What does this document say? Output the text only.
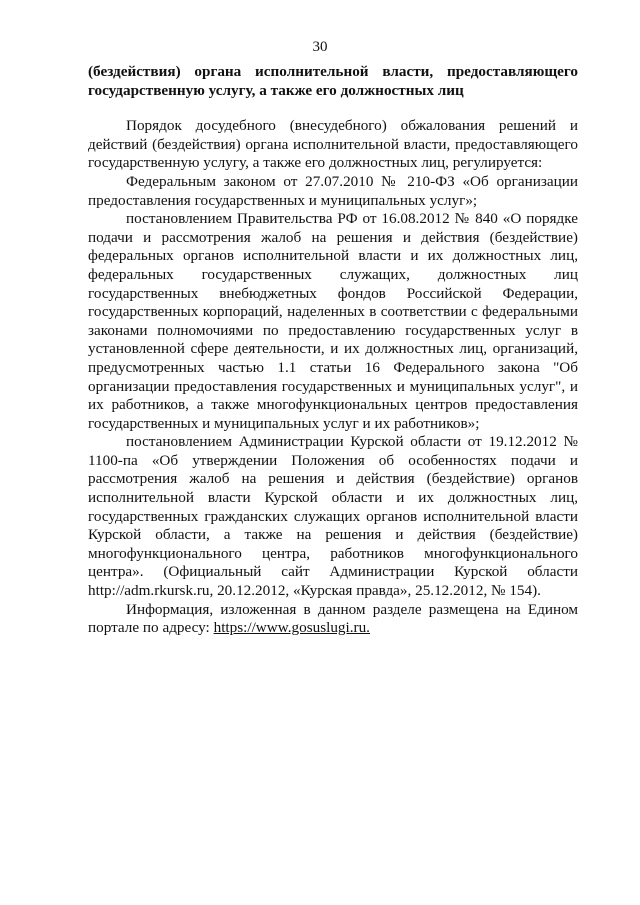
30

(бездействия) органа исполнительной власти, предоставляющего государственную услугу, а также его должностных лиц

Порядок досудебного (внесудебного) обжалования решений и действий (бездействия) органа исполнительной власти, предоставляющего государственную услугу, а также его должностных лиц, регулируется:

Федеральным законом от 27.07.2010 № 210-ФЗ «Об организации предоставления государственных и муниципальных услуг»;

постановлением Правительства РФ от 16.08.2012 № 840 «О порядке подачи и рассмотрения жалоб на решения и действия (бездействие) федеральных органов исполнительной власти и их должностных лиц, федеральных государственных служащих, должностных лиц государственных внебюджетных фондов Российской Федерации, государственных корпораций, наделенных в соответствии с федеральными законами полномочиями по предоставлению государственных услуг в установленной сфере деятельности, и их должностных лиц, организаций, предусмотренных частью 1.1 статьи 16 Федерального закона "Об организации предоставления государственных и муниципальных услуг", и их работников, а также многофункциональных центров предоставления государственных и муниципальных услуг и их работников»;

постановлением Администрации Курской области от 19.12.2012 № 1100-па «Об утверждении Положения об особенностях подачи и рассмотрения жалоб на решения и действия (бездействие) органов исполнительной власти Курской области и их должностных лиц, государственных гражданских служащих органов исполнительной власти Курской области, а также на решения и действия (бездействие) многофункционального центра, работников многофункционального центра». (Официальный сайт Администрации Курской области http://adm.rkursk.ru, 20.12.2012, «Курская правда», 25.12.2012, № 154).

Информация, изложенная в данном разделе размещена на Едином портале по адресу: https://www.gosuslugi.ru.
